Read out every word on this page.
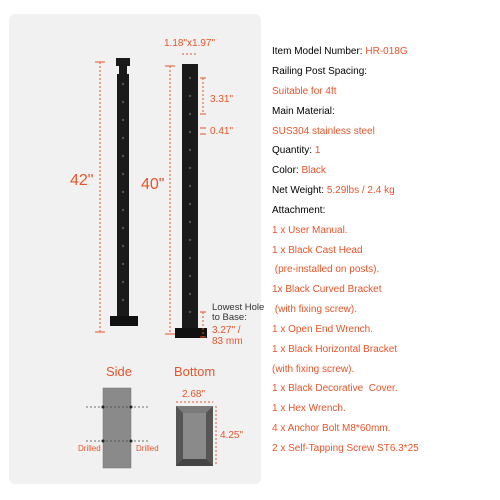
42"	40"
1.18"x1.97"
3.31"
0.41"
Lowest Hole
to Base:
3.27" /
83 mm
Side	Bottom
Drilled	Drilled
2.68"
4.25"
Item Model Number: HR-018G
Railing Post Spacing:
Suitable for 4ft
Main Material:
SUS304 stainless steel
Quantity: 1
Color: Black
Net Weight: 5.29lbs / 2.4 kg
Attachment:
1 x User Manual.
1 x Black Cast Head
(pre-installed on posts).
1x Black Curved Bracket
(with fixing screw).
1 x Open End Wrench.
1 x Black Horizontal Bracket
(with fixing screw).
1 x Black Decorative  Cover.
1 x Hex Wrench.
4 x Anchor Bolt M8*60mm.
2 x Self-Tapping Screw ST6.3*25
